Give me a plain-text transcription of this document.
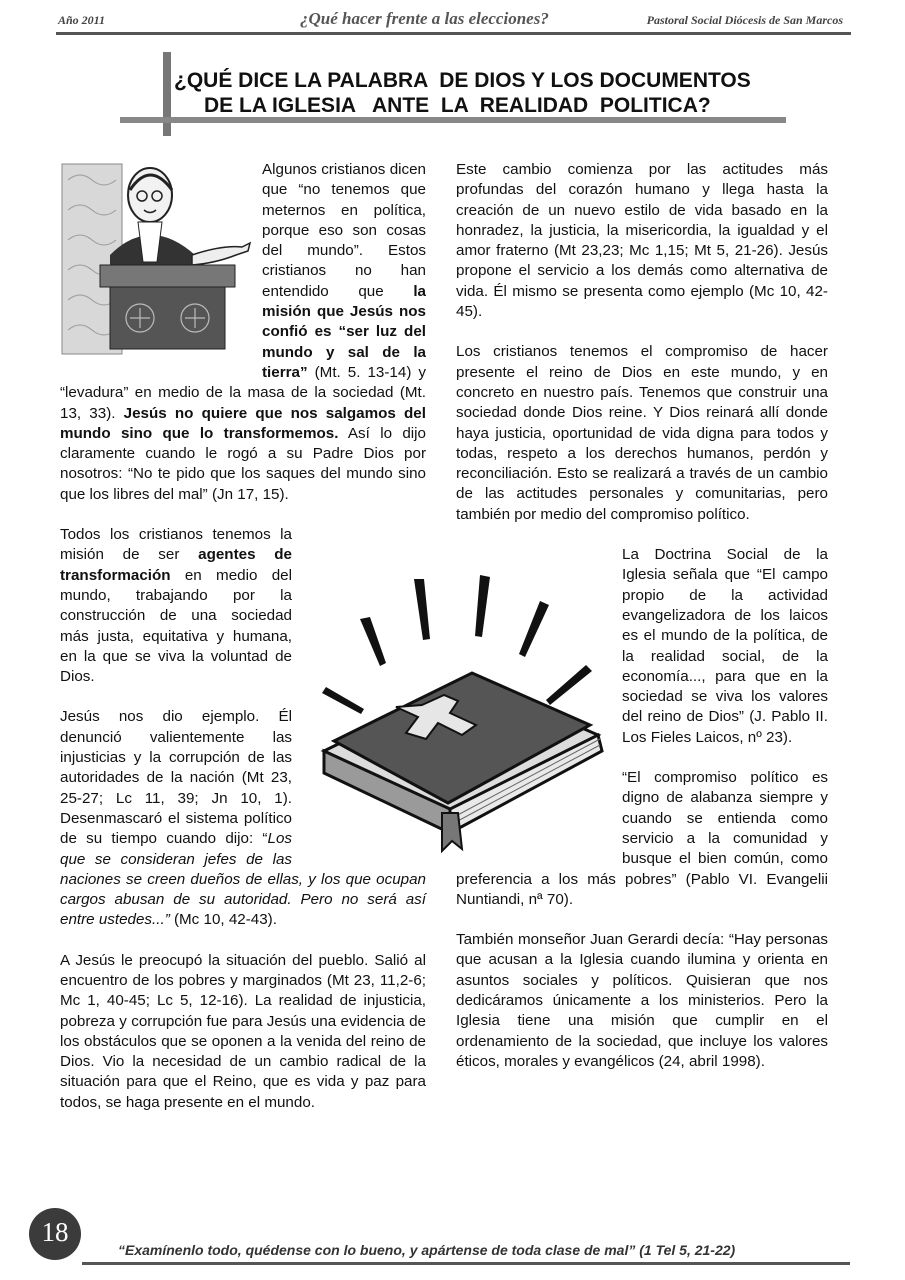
Año 2011	¿Qué hacer frente a las elecciones?	Pastoral Social Diócesis de San Marcos
¿QUÉ DICE LA PALABRA  DE DIOS Y LOS DOCUMENTOS
DE LA IGLESIA   ANTE  LA  REALIDAD  POLITICA?

Algunos cristianos dicen que “no tenemos que meternos en política, porque eso son cosas del mundo”. Estos cristianos no han entendido que la misión que Jesús nos confió es “ser luz del mundo y sal de la tierra” (Mt. 5. 13-14) y “levadura” en medio de la masa de la sociedad (Mt. 13, 33). Jesús no quiere que nos salgamos del mundo sino que lo transformemos. Así lo dijo claramente cuando le rogó a su Padre Dios por nosotros: “No te pido que los saques del mundo sino que los libres del mal” (Jn 17, 15).

Todos los cristianos tenemos la misión de ser agentes de transformación en medio del mundo, trabajando por la construcción de una sociedad más justa, equitativa y humana, en la que se viva la voluntad de Dios.

Jesús nos dio ejemplo. Él denunció valientemente las injusticias y la corrupción de las autoridades de la nación (Mt 23, 25-27; Lc 11, 39; Jn 10, 1). Desenmascaró el sistema político de su tiempo cuando dijo: “Los que se consideran jefes de las naciones se creen dueños de ellas, y los que ocupan cargos abusan de su autoridad. Pero no será así entre ustedes...” (Mc 10, 42-43).

A Jesús le preocupó la situación del pueblo. Salió al encuentro de los pobres y marginados (Mt 23, 11,2-6; Mc 1, 40-45; Lc 5, 12-16). La realidad de injusticia, pobreza y corrupción fue para Jesús una evidencia de los obstáculos que se oponen a la venida del reino de Dios. Vio la necesidad de un cambio radical de la situación para que el Reino, que es vida y paz para todos, se haga presente en el mundo.

Este cambio comienza por las actitudes más profundas del corazón humano y llega hasta la creación de un nuevo estilo de vida basado en la honradez, la justicia, la misericordia, la igualdad y el amor fraterno (Mt 23,23; Mc 1,15; Mt 5, 21-26). Jesús propone el servicio a los demás como alternativa de vida. Él mismo se presenta como ejemplo (Mc 10, 42-45).

Los cristianos tenemos el compromiso de hacer presente el reino de Dios en este mundo, y en concreto en nuestro país. Tenemos que construir una sociedad donde Dios reine. Y Dios reinará allí donde haya justicia, oportunidad de vida digna para todos y todas, respeto a los derechos humanos, perdón y reconciliación. Esto se realizará a través de un cambio de las actitudes personales y comunitarias, pero también por medio del compromiso político.

La Doctrina Social de la Iglesia señala que “El campo propio de la actividad evangelizadora de los laicos es el mundo de la política, de la realidad social, de la economía..., para que en la sociedad se viva los valores del reino de Dios” (J. Pablo II. Los Fieles Laicos, nº 23).

“El compromiso político es digno de alabanza siempre y cuando se entienda como servicio a la comunidad y busque el bien común, como preferencia a los más pobres” (Pablo VI. Evangelii Nuntiandi, nª 70).

También monseñor Juan Gerardi decía: “Hay personas que acusan a la Iglesia cuando ilumina y orienta en asuntos sociales y políticos. Quisieran que nos dedicáramos únicamente a los ministerios. Pero la Iglesia tiene una misión que cumplir en el ordenamiento de la sociedad, que incluye los valores éticos, morales y evangélicos (24, abril 1998).

18
“Examínenlo todo, quédense con lo bueno, y apártense de toda clase de mal” (1 Tel 5, 21-22)
